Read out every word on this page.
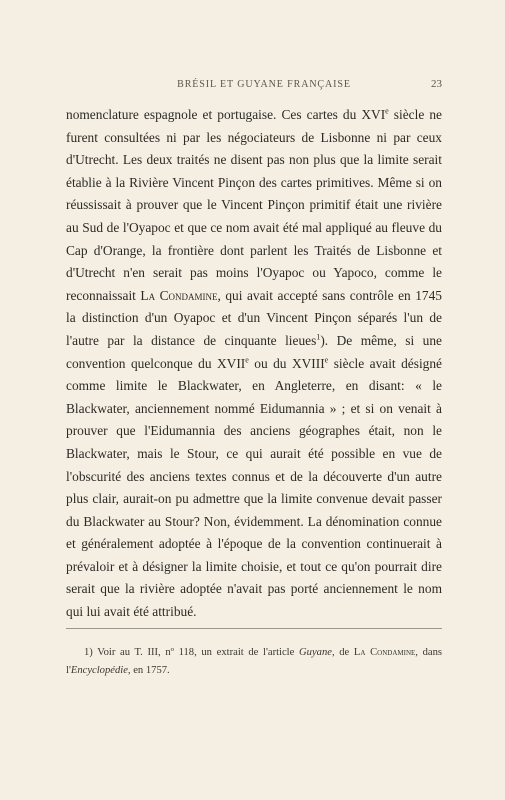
BRÉSIL ET GUYANE FRANÇAISE	23

nomenclature espagnole et portugaise. Ces cartes du XVIe siècle ne furent consultées ni par les négociateurs de Lisbonne ni par ceux d'Utrecht. Les deux traités ne disent pas non plus que la limite serait établie à la Rivière Vincent Pinçon des cartes primitives. Même si on réussissait à prouver que le Vincent Pinçon primitif était une rivière au Sud de l'Oyapoc et que ce nom avait été mal appliqué au fleuve du Cap d'Orange, la frontière dont parlent les Traités de Lisbonne et d'Utrecht n'en serait pas moins l'Oyapoc ou Yapoco, comme le reconnaissait La Condamine, qui avait accepté sans contrôle en 1745 la distinction d'un Oyapoc et d'un Vincent Pinçon séparés l'un de l'autre par la distance de cinquante lieues$^1$). De même, si une convention quelconque du XVIIe ou du XVIIIe siècle avait désigné comme limite le Blackwater, en Angleterre, en disant: « le Blackwater, anciennement nommé Eidumannia » ; et si on venait à prouver que l'Eidumannia des anciens géographes était, non le Blackwater, mais le Stour, ce qui aurait été possible en vue de l'obscurité des anciens textes connus et de la découverte d'un autre plus clair, aurait-on pu admettre que la limite convenue devait passer du Blackwater au Stour? Non, évidemment. La dénomination connue et généralement adoptée à l'époque de la convention continuerait à prévaloir et à désigner la limite choisie, et tout ce qu'on pourrait dire serait que la rivière adoptée n'avait pas porté anciennement le nom qui lui avait été attribué.

1) Voir au T. III, nº 118, un extrait de l'article Guyane, de La Condamine, dans l'Encyclopédie, en 1757.
